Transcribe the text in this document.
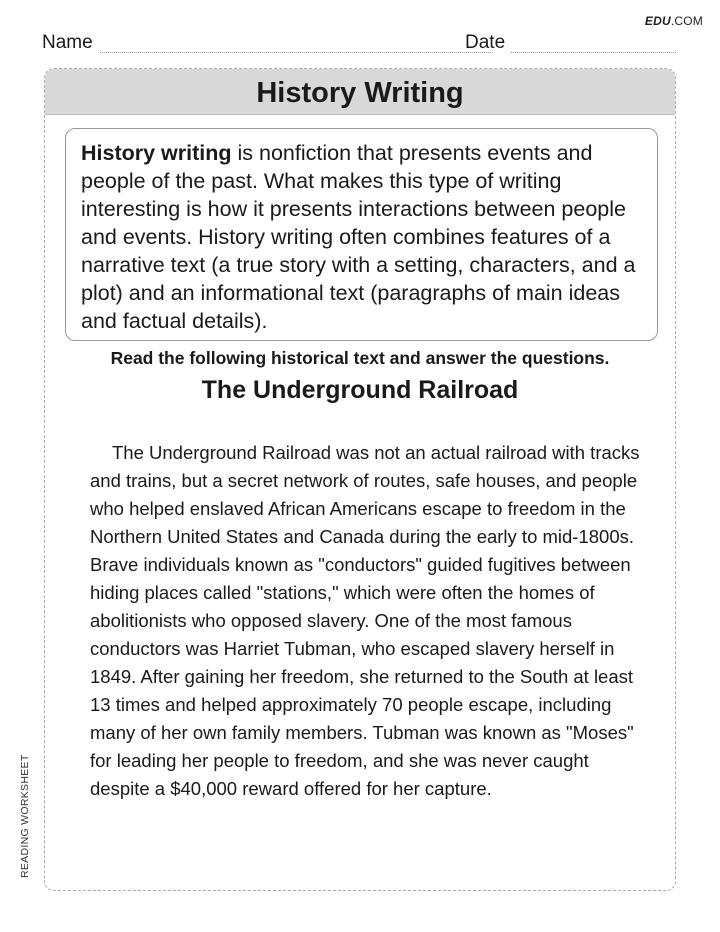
EDU.COM
Name	Date
History Writing
History writing is nonfiction that presents events and people of the past. What makes this type of writing interesting is how it presents interactions between people and events. History writing often combines features of a narrative text (a true story with a setting, characters, and a plot) and an informational text (paragraphs of main ideas and factual details).
Read the following historical text and answer the questions.
The Underground Railroad

The Underground Railroad was not an actual railroad with tracks and trains, but a secret network of routes, safe houses, and people who helped enslaved African Americans escape to freedom in the Northern United States and Canada during the early to mid-1800s.

Brave individuals known as "conductors" guided fugitives between hiding places called "stations," which were often the homes of abolitionists who opposed slavery. One of the most famous conductors was Harriet Tubman, who escaped slavery herself in 1849. After gaining her freedom, she returned to the South at least 13 times and helped approximately 70 people escape, including many of her own family members. Tubman was known as "Moses" for leading her people to freedom, and she was never caught despite a $40,000 reward offered for her capture.

READING WORKSHEET
